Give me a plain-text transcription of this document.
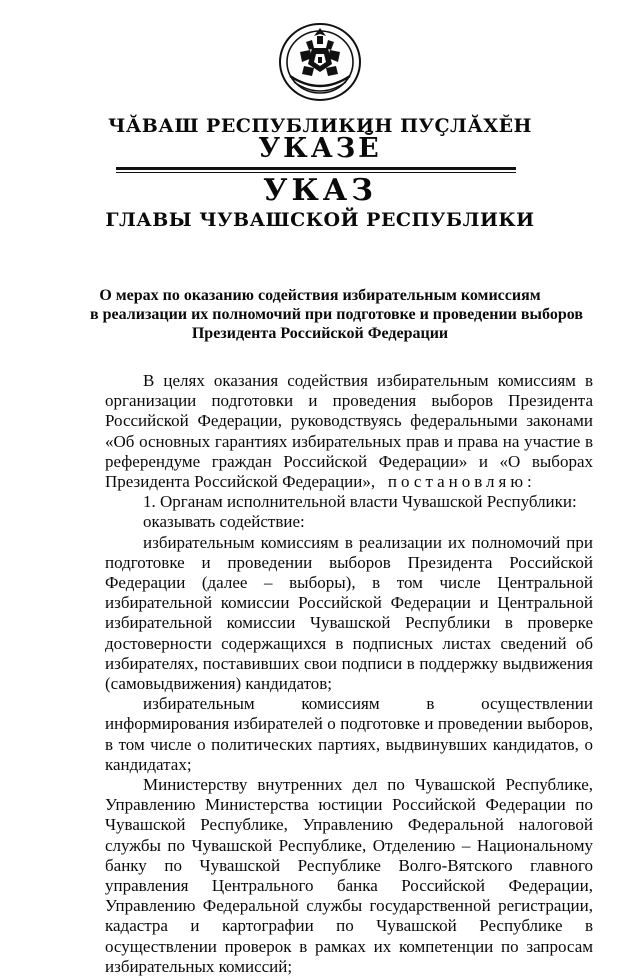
ЧӐВАШ РЕСПУБЛИКИН ПУҪЛӐХӖН
УКАЗӖ
УКАЗ
ГЛАВЫ ЧУВАШСКОЙ РЕСПУБЛИКИ
О мерах по оказанию содействия избирательным комиссиям
в реализации их полномочий при подготовке и проведении выборов
Президента Российской Федерации

В целях оказания содействия избирательным комиссиям в организации подготовки и проведения выборов Президента Российской Федерации, руководствуясь федеральными законами «Об основных гарантиях избирательных прав и права на участие в референдуме граждан Российской Федерации» и «О выборах Президента Российской Федерации», постановляю:

1. Органам исполнительной власти Чувашской Республики:

оказывать содействие:

избирательным комиссиям в реализации их полномочий при подготовке и проведении выборов Президента Российской Федерации (далее – выборы), в том числе Центральной избирательной комиссии Российской Федерации и Центральной избирательной комиссии Чувашской Республики в проверке достоверности содержащихся в подписных листах сведений об избирателях, поставивших свои подписи в поддержку выдвижения (самовыдвижения) кандидатов;

избирательным комиссиям в осуществлении информирования избирателей о подготовке и проведении выборов, в том числе о политических партиях, выдвинувших кандидатов, о кандидатах;

Министерству внутренних дел по Чувашской Республике, Управлению Министерства юстиции Российской Федерации по Чувашской Республике, Управлению Федеральной налоговой службы по Чувашской Республике, Отделению – Национальному банку по Чувашской Республике Волго-Вятского главного управления Центрального банка Российской Федерации, Управлению Федеральной службы государственной регистрации, кадастра и картографии по Чувашской Республике в осуществлении проверок в рамках их компетенции по запросам избирательных комиссий;
